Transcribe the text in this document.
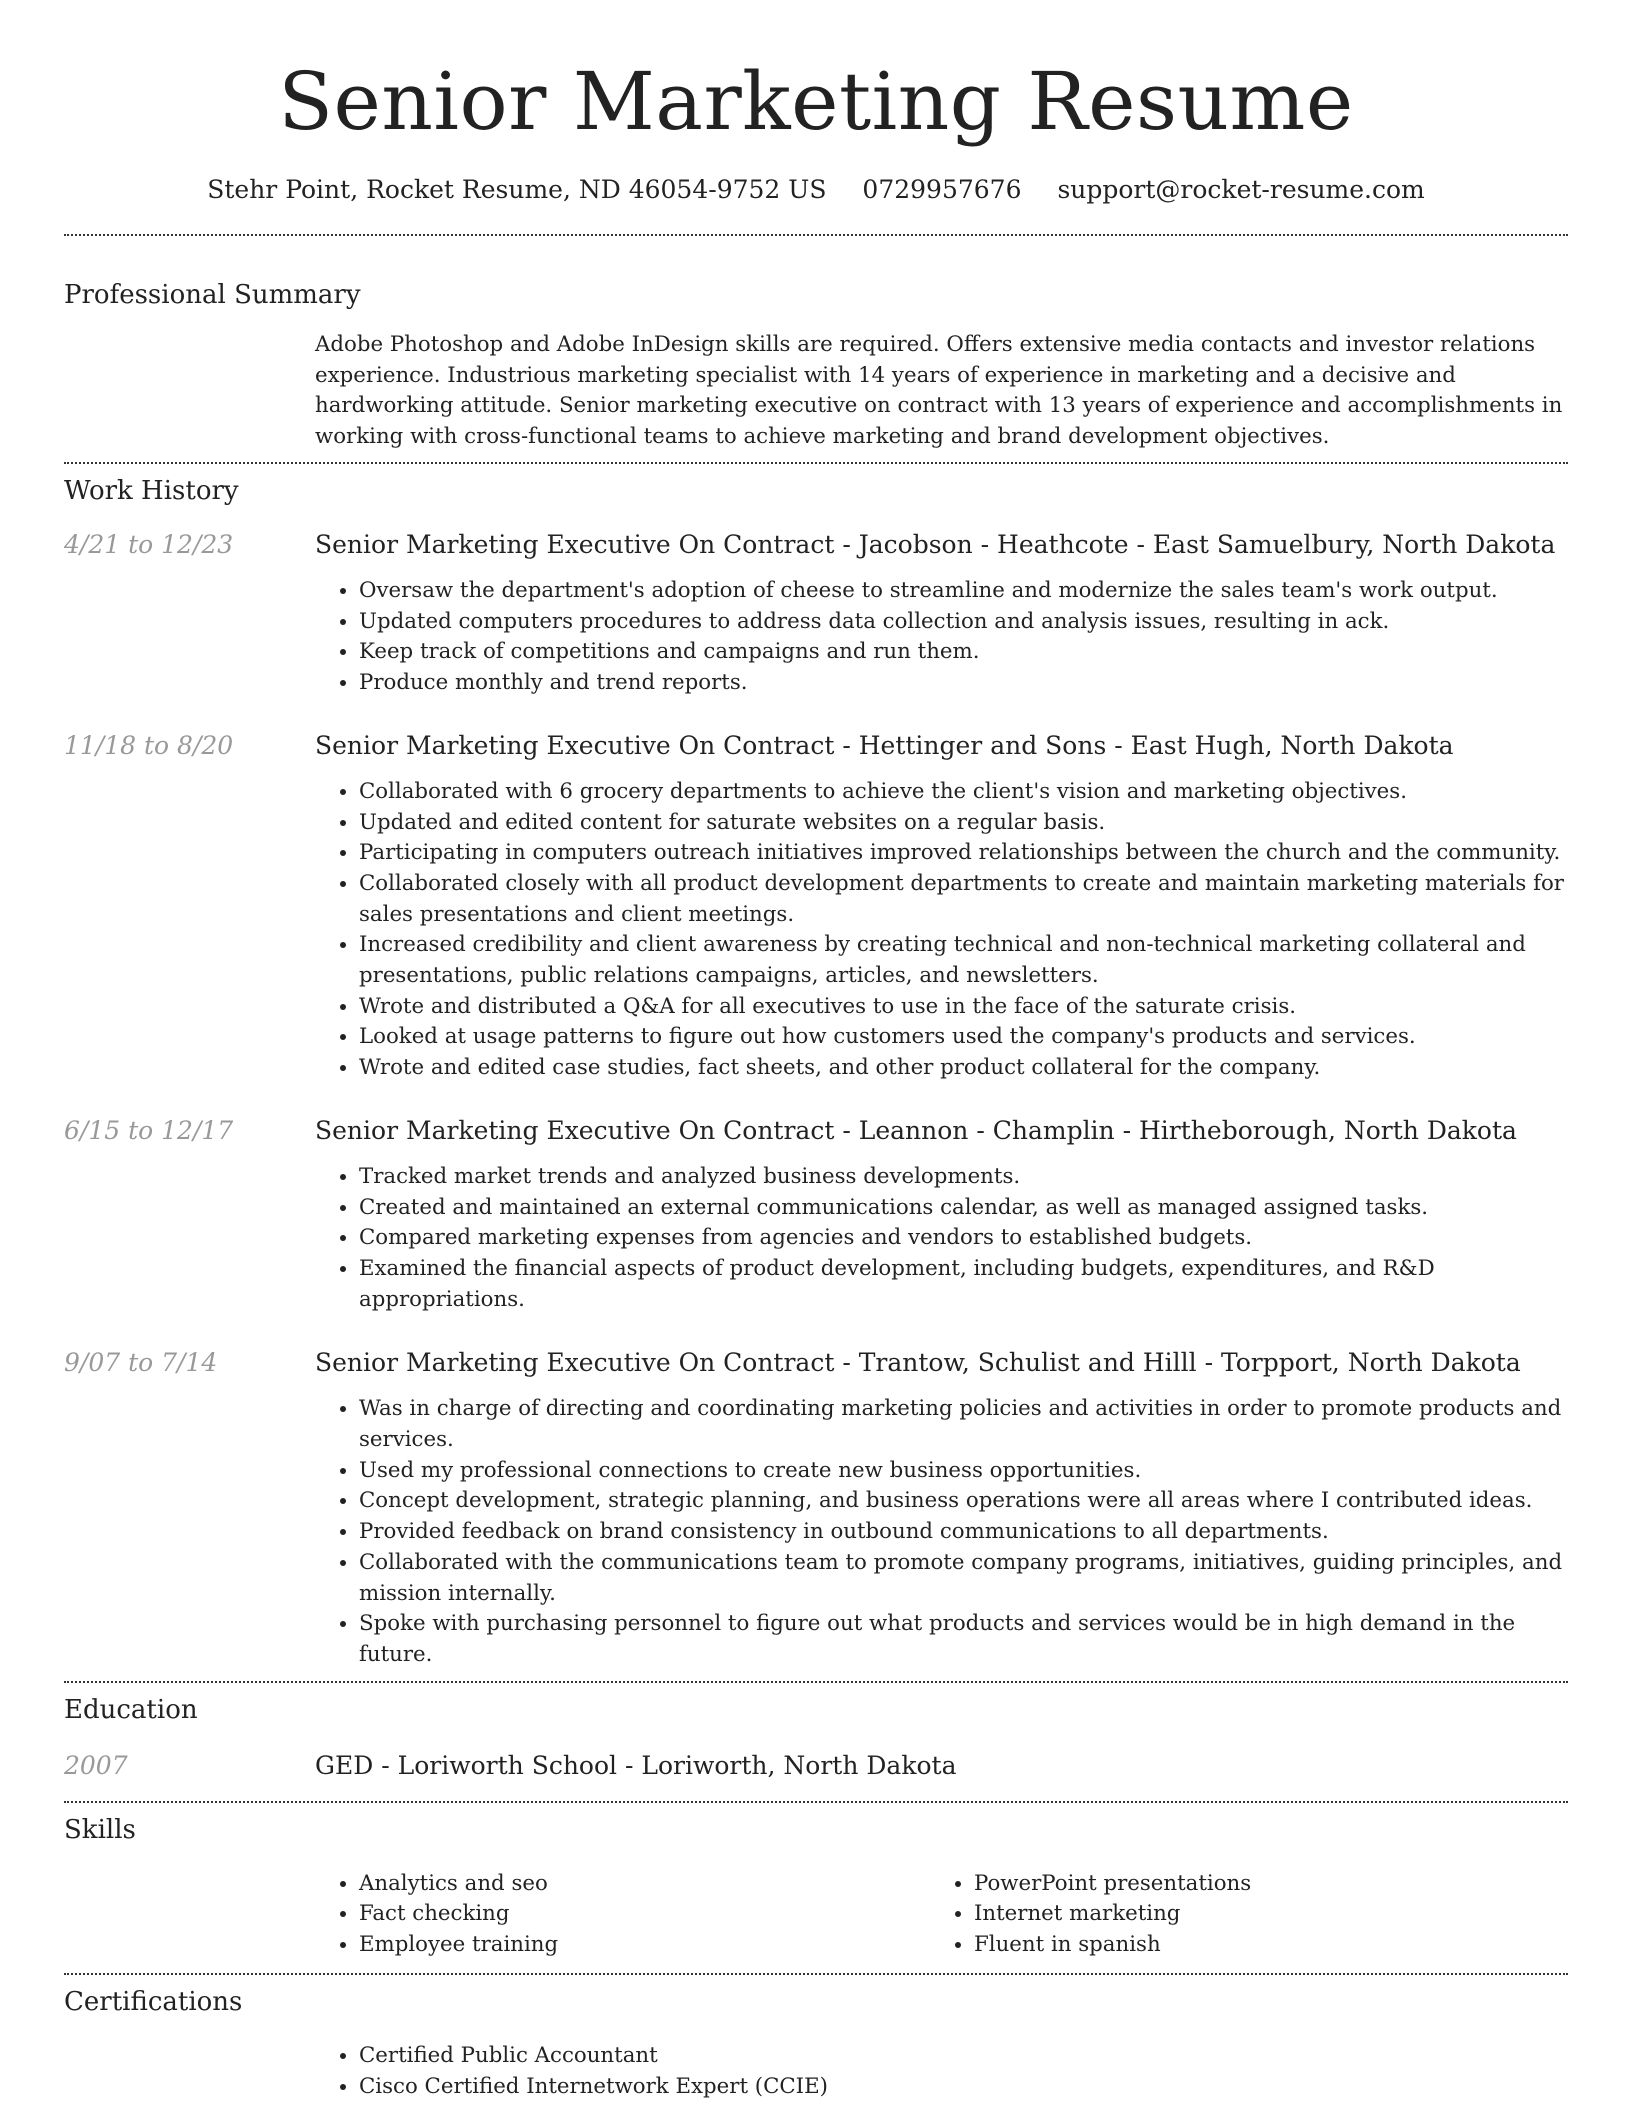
Senior Marketing Resume
Stehr Point, Rocket Resume, ND 46054-9752 US 0729957676 support@rocket-resume.com
Professional Summary

Adobe Photoshop and Adobe InDesign skills are required. Offers extensive media contacts and investor relations experience. Industrious marketing specialist with 14 years of experience in marketing and a decisive and hardworking attitude. Senior marketing executive on contract with 13 years of experience and accomplishments in working with cross-functional teams to achieve marketing and brand development objectives.

Work History
4/21 to 12/23	Senior Marketing Executive On Contract - Jacobson - Heathcote - East Samuelbury, North Dakota
• Oversaw the department's adoption of cheese to streamline and modernize the sales team's work output.
• Updated computers procedures to address data collection and analysis issues, resulting in ack.
• Keep track of competitions and campaigns and run them.
• Produce monthly and trend reports.
11/18 to 8/20	Senior Marketing Executive On Contract - Hettinger and Sons - East Hugh, North Dakota
• Collaborated with 6 grocery departments to achieve the client's vision and marketing objectives.
• Updated and edited content for saturate websites on a regular basis.
• Participating in computers outreach initiatives improved relationships between the church and the community.
• Collaborated closely with all product development departments to create and maintain marketing materials for sales presentations and client meetings.
• Increased credibility and client awareness by creating technical and non-technical marketing collateral and presentations, public relations campaigns, articles, and newsletters.
• Wrote and distributed a Q&A for all executives to use in the face of the saturate crisis.
• Looked at usage patterns to figure out how customers used the company's products and services.
• Wrote and edited case studies, fact sheets, and other product collateral for the company.
6/15 to 12/17	Senior Marketing Executive On Contract - Leannon - Champlin - Hirtheborough, North Dakota
• Tracked market trends and analyzed business developments.
• Created and maintained an external communications calendar, as well as managed assigned tasks.
• Compared marketing expenses from agencies and vendors to established budgets.
• Examined the financial aspects of product development, including budgets, expenditures, and R&D appropriations.
9/07 to 7/14	Senior Marketing Executive On Contract - Trantow, Schulist and Hilll - Torpport, North Dakota
• Was in charge of directing and coordinating marketing policies and activities in order to promote products and services.
• Used my professional connections to create new business opportunities.
• Concept development, strategic planning, and business operations were all areas where I contributed ideas.
• Provided feedback on brand consistency in outbound communications to all departments.
• Collaborated with the communications team to promote company programs, initiatives, guiding principles, and mission internally.
• Spoke with purchasing personnel to figure out what products and services would be in high demand in the future.
Education
2007	GED - Loriworth School - Loriworth, North Dakota
Skills
• Analytics and seo
• Fact checking
• Employee training
• PowerPoint presentations
• Internet marketing
• Fluent in spanish
Certifications
• Certified Public Accountant
• Cisco Certified Internetwork Expert (CCIE)
